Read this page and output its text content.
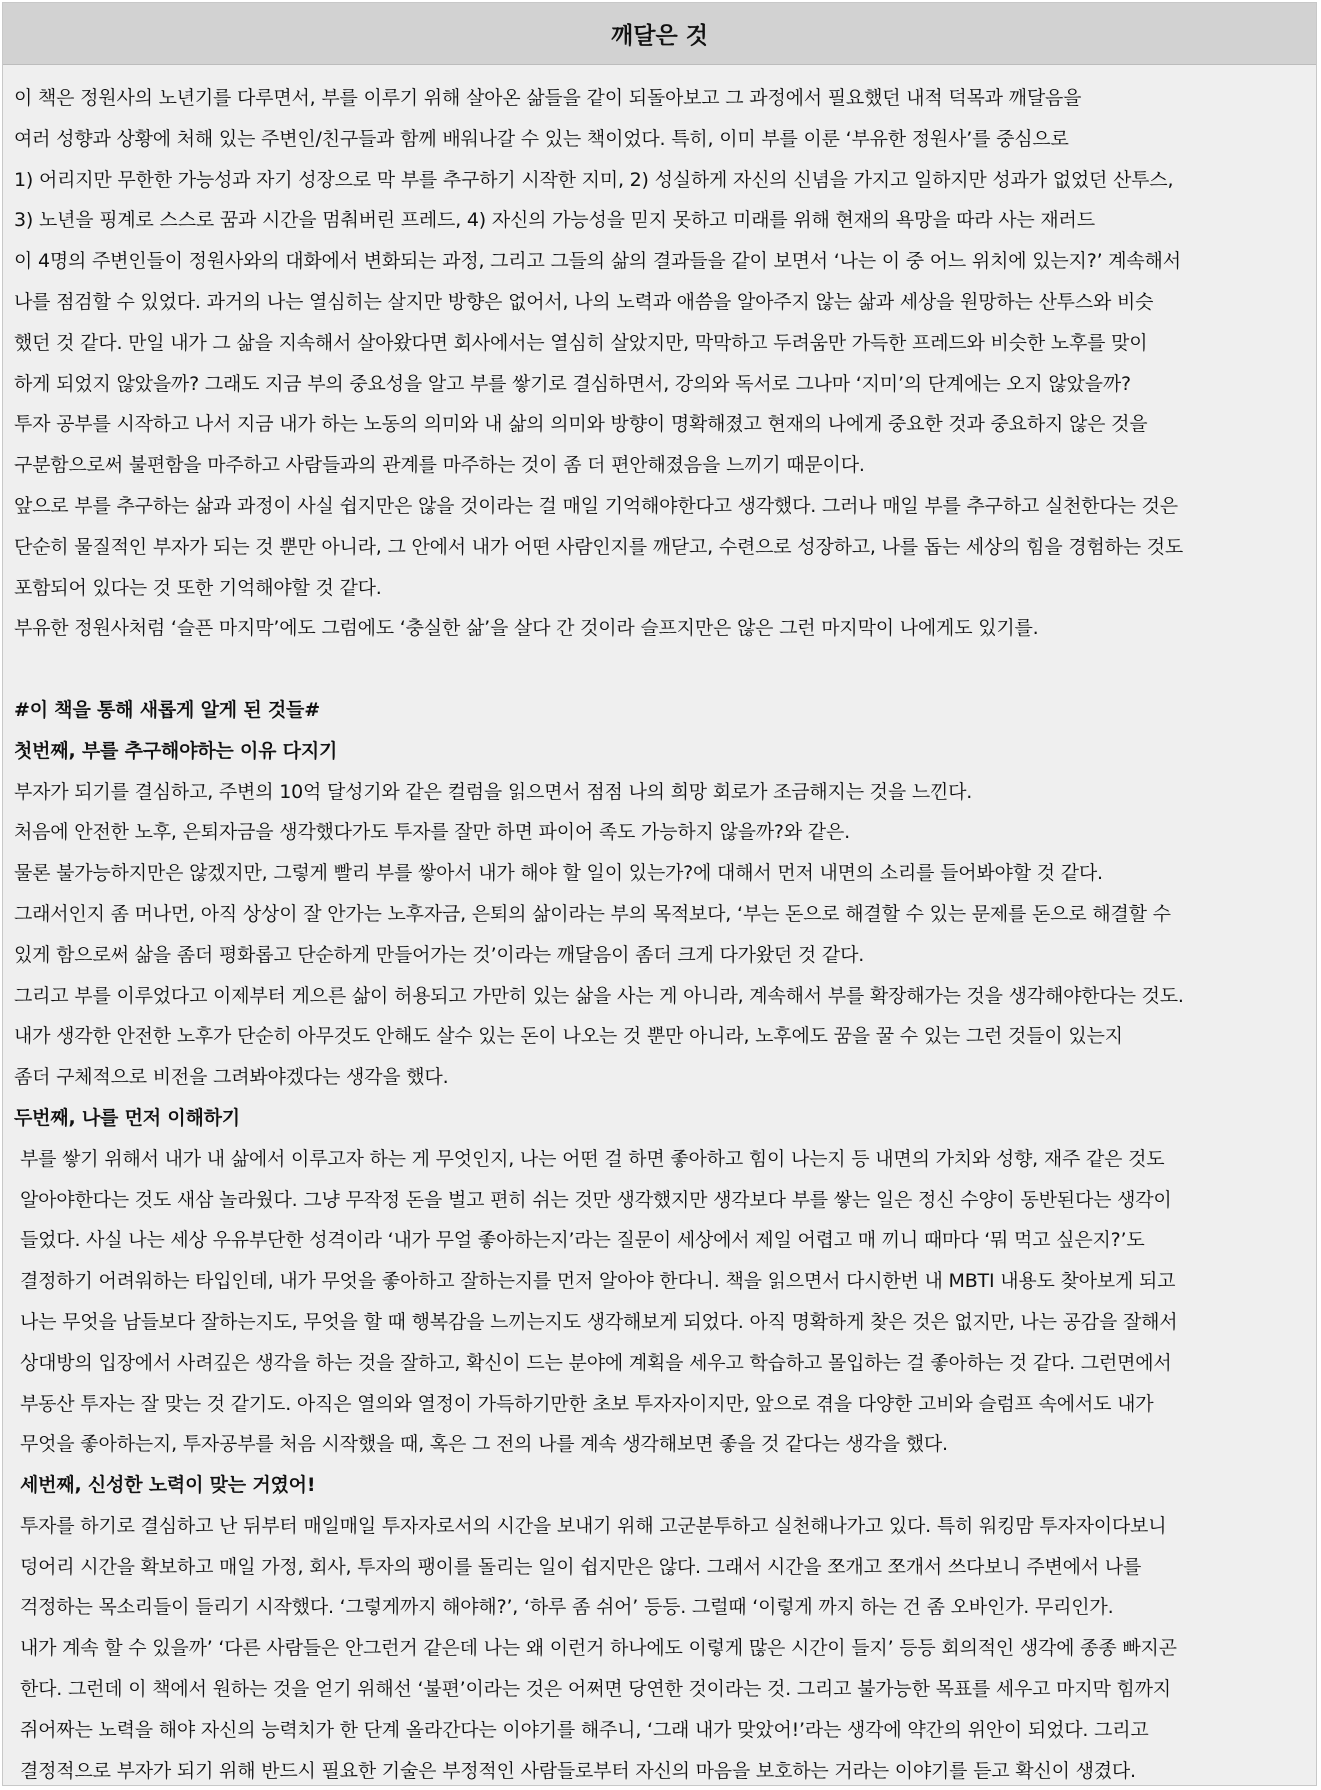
깨달은 것
이 책은 정원사의 노년기를 다루면서, 부를 이루기 위해 살아온 삶들을 같이 되돌아보고 그 과정에서 필요했던 내적 덕목과 깨달음을
여러 성향과 상황에 처해 있는 주변인/친구들과 함께 배워나갈 수 있는 책이었다. 특히, 이미 부를 이룬 ‘부유한 정원사’를 중심으로
1) 어리지만 무한한 가능성과 자기 성장으로 막 부를 추구하기 시작한 지미, 2) 성실하게 자신의 신념을 가지고 일하지만 성과가 없었던 산투스,
3) 노년을 핑계로 스스로 꿈과 시간을 멈춰버린 프레드, 4) 자신의 가능성을 믿지 못하고 미래를 위해 현재의 욕망을 따라 사는 재러드
이 4명의 주변인들이 정원사와의 대화에서 변화되는 과정, 그리고 그들의 삶의 결과들을 같이 보면서 ‘나는 이 중 어느 위치에 있는지?’ 계속해서
나를 점검할 수 있었다. 과거의 나는 열심히는 살지만 방향은 없어서, 나의 노력과 애씀을 알아주지 않는 삶과 세상을 원망하는 산투스와 비슷
했던 것 같다. 만일 내가 그 삶을 지속해서 살아왔다면 회사에서는 열심히 살았지만, 막막하고 두려움만 가득한 프레드와 비슷한 노후를 맞이
하게 되었지 않았을까? 그래도 지금 부의 중요성을 알고 부를 쌓기로 결심하면서, 강의와 독서로 그나마 ‘지미’의 단계에는 오지 않았을까?
투자 공부를 시작하고 나서 지금 내가 하는 노동의 의미와 내 삶의 의미와 방향이 명확해졌고 현재의 나에게 중요한 것과 중요하지 않은 것을
구분함으로써 불편함을 마주하고 사람들과의 관계를 마주하는 것이 좀 더 편안해졌음을 느끼기 때문이다.
앞으로 부를 추구하는 삶과 과정이 사실 쉽지만은 않을 것이라는 걸 매일 기억해야한다고 생각했다. 그러나 매일 부를 추구하고 실천한다는 것은
단순히 물질적인 부자가 되는 것 뿐만 아니라, 그 안에서 내가 어떤 사람인지를 깨닫고, 수련으로 성장하고, 나를 돕는 세상의 힘을 경험하는 것도
포함되어 있다는 것 또한 기억해야할 것 같다.
부유한 정원사처럼 ‘슬픈 마지막’에도 그럼에도 ‘충실한 삶’을 살다 간 것이라 슬프지만은 않은 그런 마지막이 나에게도 있기를.
#이 책을 통해 새롭게 알게 된 것들#
첫번째, 부를 추구해야하는 이유 다지기
부자가 되기를 결심하고, 주변의 10억 달성기와 같은 컬럼을 읽으면서 점점 나의 희망 회로가 조금해지는 것을 느낀다.
처음에 안전한 노후, 은퇴자금을 생각했다가도 투자를 잘만 하면 파이어 족도 가능하지 않을까?와 같은.
물론 불가능하지만은 않겠지만, 그렇게 빨리 부를 쌓아서 내가 해야 할 일이 있는가?에 대해서 먼저 내면의 소리를 들어봐야할 것 같다.
그래서인지 좀 머나먼, 아직 상상이 잘 안가는 노후자금, 은퇴의 삶이라는 부의 목적보다, ‘부는 돈으로 해결할 수 있는 문제를 돈으로 해결할 수
있게 함으로써 삶을 좀더 평화롭고 단순하게 만들어가는 것’이라는 깨달음이 좀더 크게 다가왔던 것 같다.
그리고 부를 이루었다고 이제부터 게으른 삶이 허용되고 가만히 있는 삶을 사는 게 아니라, 계속해서 부를 확장해가는 것을 생각해야한다는 것도.
내가 생각한 안전한 노후가 단순히 아무것도 안해도 살수 있는 돈이 나오는 것 뿐만 아니라, 노후에도 꿈을 꿀 수 있는 그런 것들이 있는지
좀더 구체적으로 비전을 그려봐야겠다는 생각을 했다.
두번째, 나를 먼저 이해하기
부를 쌓기 위해서 내가 내 삶에서 이루고자 하는 게 무엇인지, 나는 어떤 걸 하면 좋아하고 힘이 나는지 등 내면의 가치와 성향, 재주 같은 것도
알아야한다는 것도 새삼 놀라웠다. 그냥 무작정 돈을 벌고 편히 쉬는 것만 생각했지만 생각보다 부를 쌓는 일은 정신 수양이 동반된다는 생각이
들었다. 사실 나는 세상 우유부단한 성격이라 ‘내가 무얼 좋아하는지’라는 질문이 세상에서 제일 어렵고 매 끼니 때마다 ‘뭐 먹고 싶은지?’도
결정하기 어려워하는 타입인데, 내가 무엇을 좋아하고 잘하는지를 먼저 알아야 한다니. 책을 읽으면서 다시한번 내 MBTI 내용도 찾아보게 되고
나는 무엇을 남들보다 잘하는지도, 무엇을 할 때 행복감을 느끼는지도 생각해보게 되었다. 아직 명확하게 찾은 것은 없지만, 나는 공감을 잘해서
상대방의 입장에서 사려깊은 생각을 하는 것을 잘하고, 확신이 드는 분야에 계획을 세우고 학습하고 몰입하는 걸 좋아하는 것 같다. 그런면에서
부동산 투자는 잘 맞는 것 같기도. 아직은 열의와 열정이 가득하기만한 초보 투자자이지만, 앞으로 겪을 다양한 고비와 슬럼프 속에서도 내가
무엇을 좋아하는지, 투자공부를 처음 시작했을 때, 혹은 그 전의 나를 계속 생각해보면 좋을 것 같다는 생각을 했다.
세번째, 신성한 노력이 맞는 거였어!
투자를 하기로 결심하고 난 뒤부터 매일매일 투자자로서의 시간을 보내기 위해 고군분투하고 실천해나가고 있다. 특히 워킹맘 투자자이다보니
덩어리 시간을 확보하고 매일 가정, 회사, 투자의 팽이를 돌리는 일이 쉽지만은 않다. 그래서 시간을 쪼개고 쪼개서 쓰다보니 주변에서 나를
걱정하는 목소리들이 들리기 시작했다. ‘그렇게까지 해야해?’, ‘하루 좀 쉬어’ 등등. 그럴때 ‘이렇게 까지 하는 건 좀 오바인가. 무리인가.
내가 계속 할 수 있을까’ ‘다른 사람들은 안그런거 같은데 나는 왜 이런거 하나에도 이렇게 많은 시간이 들지’ 등등 회의적인 생각에 종종 빠지곤
한다. 그런데 이 책에서 원하는 것을 얻기 위해선 ‘불편’이라는 것은 어쩌면 당연한 것이라는 것. 그리고 불가능한 목표를 세우고 마지막 힘까지
쥐어짜는 노력을 해야 자신의 능력치가 한 단계 올라간다는 이야기를 해주니, ‘그래 내가 맞았어!’라는 생각에 약간의 위안이 되었다. 그리고
결정적으로 부자가 되기 위해 반드시 필요한 기술은 부정적인 사람들로부터 자신의 마음을 보호하는 거라는 이야기를 듣고 확신이 생겼다.
